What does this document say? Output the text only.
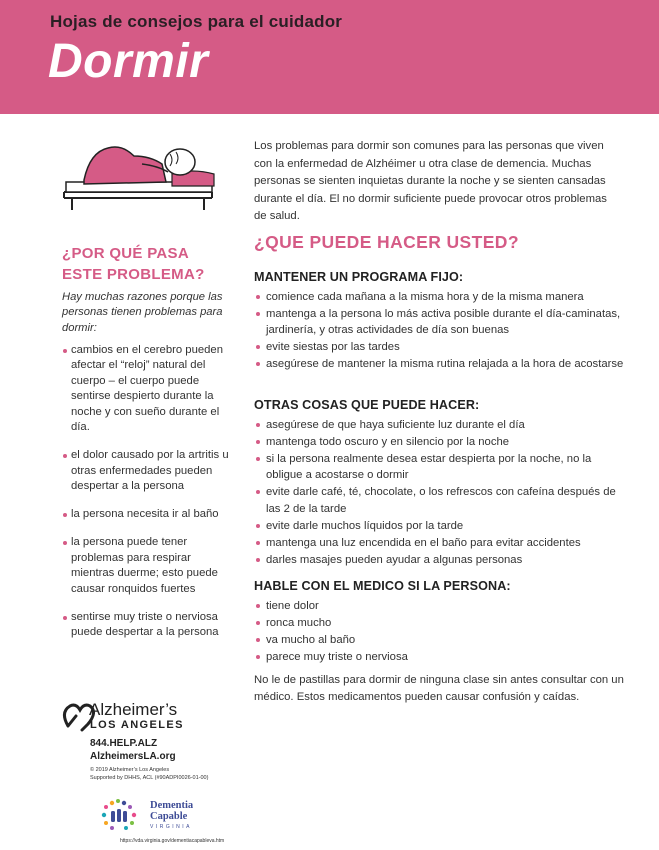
Hojas de consejos para el cuidador
Dormir
¿POR QUÉ PASA
ESTE PROBLEMA?
Hay muchas razones porque las personas tienen problemas para dormir:
cambios en el cerebro pueden afectar el “reloj” natural del cuerpo – el cuerpo puede sentirse despierto durante la noche y con sueño durante el día.
el dolor causado por la artritis u otras enfermedades pueden despertar a la persona
la persona necesita ir al baño
la persona puede tener problemas para respirar mientras duerme; esto puede causar ronquidos fuertes
sentirse muy triste o nerviosa puede despertar a la persona
Alzheimer’s
LOS ANGELES
844.HELP.ALZ
AlzheimersLA.org
© 2019 Alzheimer’s Los Angeles
Supported by DHHS, ACL (#90ADPI0026-01-00)
Dementia
Capable
VIRGINIA
https://vda.virginia.gov/dementiacapableva.htm
Los problemas para dormir son comunes para las personas que viven con la enfermedad de Alzhéimer u otra clase de demencia. Muchas personas se sienten inquietas durante la noche y se sienten cansadas durante el día. El no dormir suficiente puede provocar otros problemas de salud.
¿QUE PUEDE HACER USTED?
MANTENER UN PROGRAMA FIJO:
comience cada mañana a la misma hora y de la misma manera
mantenga a la persona lo más activa posible durante el día-caminatas, jardinería, y otras actividades de día son buenas
evite siestas por las tardes
asegúrese de mantener la misma rutina relajada a la hora de acostarse
OTRAS COSAS QUE PUEDE HACER:
asegúrese de que haya suficiente luz durante el día
mantenga todo oscuro y en silencio por la noche
si la persona realmente desea estar despierta por la noche, no la obligue a acostarse o dormir
evite darle café, té, chocolate, o los refrescos con cafeína después de las 2 de la tarde
evite darle muchos líquidos por la tarde
mantenga una luz encendida en el baño para evitar accidentes
darles masajes pueden ayudar a algunas personas
HABLE CON EL MEDICO SI LA PERSONA:
tiene dolor
ronca mucho
va mucho al baño
parece muy triste o nerviosa
No le de pastillas para dormir de ninguna clase sin antes consultar con un médico. Estos medicamentos pueden causar confusión y caídas.
